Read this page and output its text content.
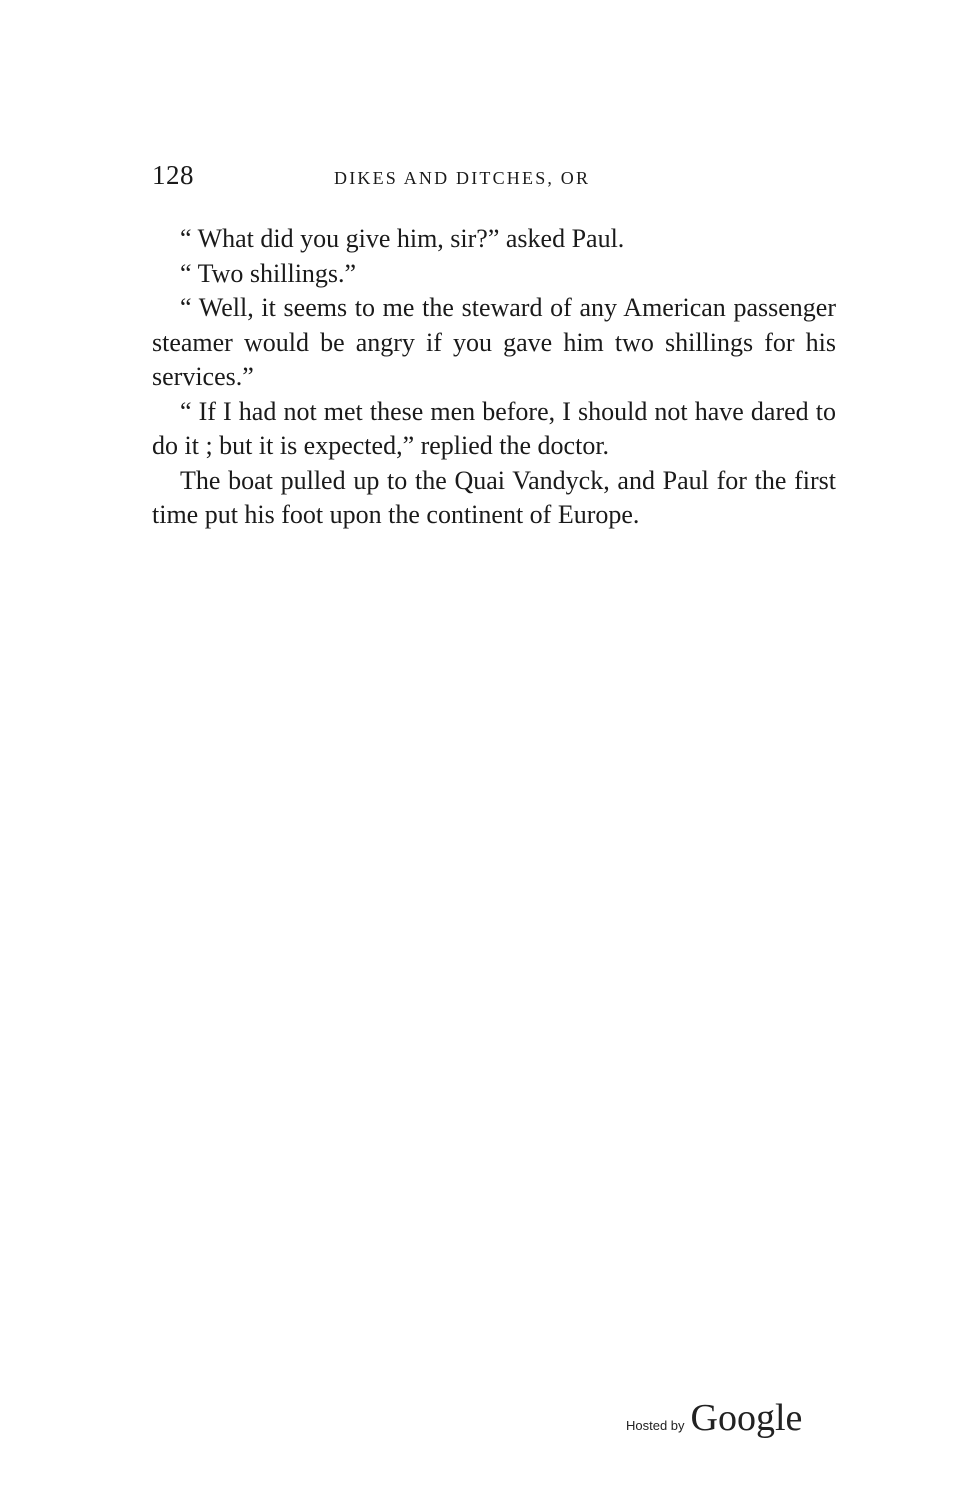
128	DIKES AND DITCHES, OR

“ What did you give him, sir?” asked Paul.

“ Two shillings.”

“ Well, it seems to me the steward of any American passenger steamer would be angry if you gave him two shillings for his services.”

“ If I had not met these men before, I should not have dared to do it ; but it is expected,” replied the doctor.

The boat pulled up to the Quai Vandyck, and Paul for the first time put his foot upon the continent of Europe.

Hosted by Google
